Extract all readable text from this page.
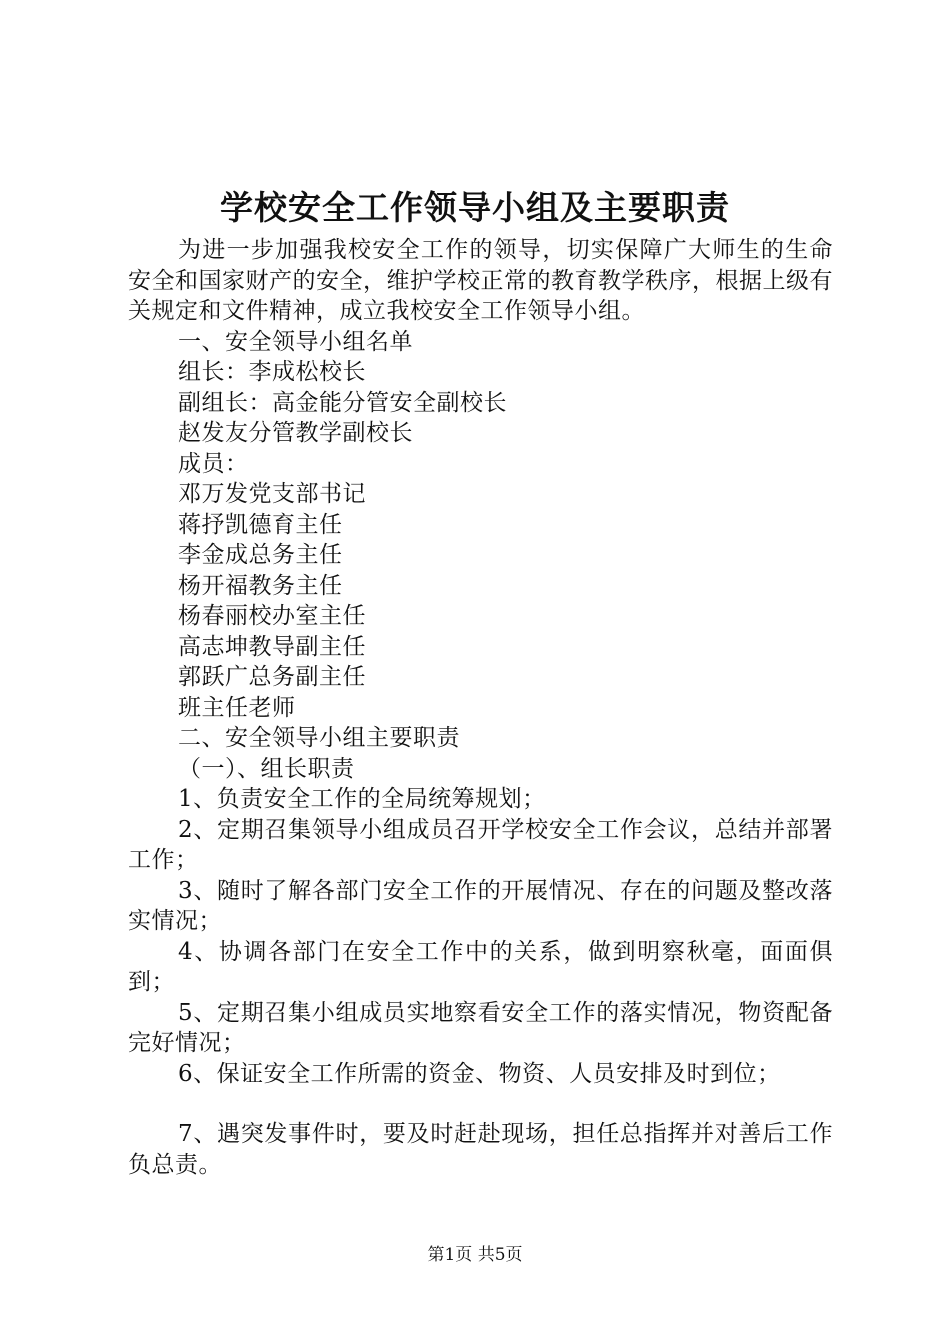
学校安全工作领导小组及主要职责

为进一步加强我校安全工作的领导，切实保障广大师生的生命安全和国家财产的安全，维护学校正常的教育教学秩序，根据上级有关规定和文件精神，成立我校安全工作领导小组。

一、安全领导小组名单

组长：李成松校长

副组长：高金能分管安全副校长

赵发友分管教学副校长

成员：

邓万发党支部书记

蒋抒凯德育主任

李金成总务主任

杨开福教务主任

杨春丽校办室主任

高志坤教导副主任

郭跃广总务副主任

班主任老师

二、安全领导小组主要职责

（一）、组长职责

1、负责安全工作的全局统筹规划；

2、定期召集领导小组成员召开学校安全工作会议，总结并部署工作；

3、随时了解各部门安全工作的开展情况、存在的问题及整改落实情况；

4、协调各部门在安全工作中的关系，做到明察秋毫，面面俱到；

5、定期召集小组成员实地察看安全工作的落实情况，物资配备完好情况；

6、保证安全工作所需的资金、物资、人员安排及时到位；

7、遇突发事件时，要及时赶赴现场，担任总指挥并对善后工作负总责。

第1页 共5页
